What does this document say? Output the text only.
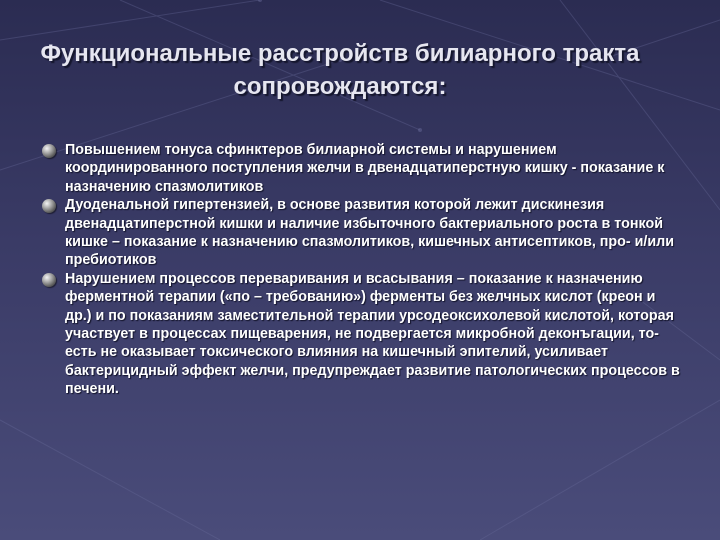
Функциональные расстройств билиарного тракта сопровождаются:
Повышением тонуса сфинктеров билиарной системы и нарушением координированного поступления желчи в двенадцатиперстную кишку - показание к назначению спазмолитиков
Дуоденальной гипертензией, в основе развития которой лежит дискинезия двенадцатиперстной кишки и наличие избыточного бактериального роста в тонкой кишке – показание к назначению спазмолитиков, кишечных антисептиков, про- и/или пребиотиков
Нарушением процессов переваривания и всасывания – показание к назначению ферментной терапии («по – требованию») ферменты без желчных кислот (креон и др.) и по показаниям заместительной терапии урсодеоксихолевой кислотой, которая участвует в процессах пищеварения, не подвергается микробной деконъгации, то- есть не оказывает токсического влияния на кишечный эпителий, усиливает бактерицидный эффект желчи, предупреждает развитие патологических процессов в печени.
